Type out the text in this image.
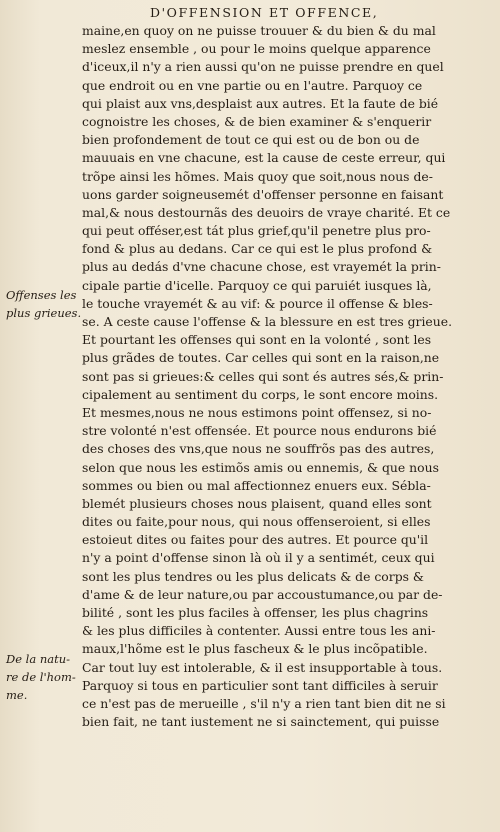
D'OFFENSION ET OFFENCE,
maine,en quoy on ne puisse trouuer & du bien & du mal
meslez ensemble , ou pour le moins quelque apparence
d'iceux,il n'y a rien aussi qu'on ne puisse prendre en quel
que endroit ou en vne partie ou en l'autre. Parquoy ce
qui plaist aux vns,desplaist aux autres. Et la faute de bié
cognoistre les choses, & de bien examiner & s'enquerir
bien profondement de tout ce qui est ou de bon ou de
mauuais en vne chacune, est la cause de ceste erreur, qui
trõpe ainsi les hõmes. Mais quoy que soit,nous nous de-
uons garder soigneusemét d'offenser personne en faisant
mal,& nous destournãs des deuoirs de vraye charité. Et ce
qui peut offéser,est tát plus grief,qu'il penetre plus pro-
fond & plus au dedans. Car ce qui est le plus profond &
plus au dedás d'vne chacune chose, est vrayemét la prin-
cipale partie d'icelle. Parquoy ce qui paruiét iusques là,
le touche vrayemét & au vif: & pource il offense & bles-
se. A ceste cause l'offense & la blessure en est tres grieue.
Et pourtant les offenses qui sont en la volonté , sont les
plus grãdes de toutes. Car celles qui sont en la raison,ne
sont pas si grieues:& celles qui sont és autres sés,& prin-
cipalement au sentiment du corps, le sont encore moins.
Et mesmes,nous ne nous estimons point offensez, si no-
stre volonté n'est offensée. Et pource nous endurons bié
des choses des vns,que nous ne souffrõs pas des autres,
selon que nous les estimõs amis ou ennemis, & que nous
sommes ou bien ou mal affectionnez enuers eux. Sébla-
blemét plusieurs choses nous plaisent, quand elles sont
dites ou faite,pour nous, qui nous offenseroient, si elles
estoieut dites ou faites pour des autres. Et pource qu'il
n'y a point d'offense sinon là où il y a sentimét, ceux qui
sont les plus tendres ou les plus delicats & de corps &
d'ame & de leur nature,ou par accoustumance,ou par de-
bilité , sont les plus faciles à offenser, les plus chagrins
& les plus difficiles à contenter. Aussi entre tous les ani-
maux,l'hõme est le plus fascheux & le plus incõpatible.
Car tout luy est intolerable, & il est insupportable à tous.
Parquoy si tous en particulier sont tant difficiles à seruir
ce n'est pas de merueille , s'il n'y a rien tant bien dit ne si
bien fait, ne tant iustement ne si sainctement, qui puisse
Offenses les
plus grieues.
De la natu-
re de l'hom-
me.
